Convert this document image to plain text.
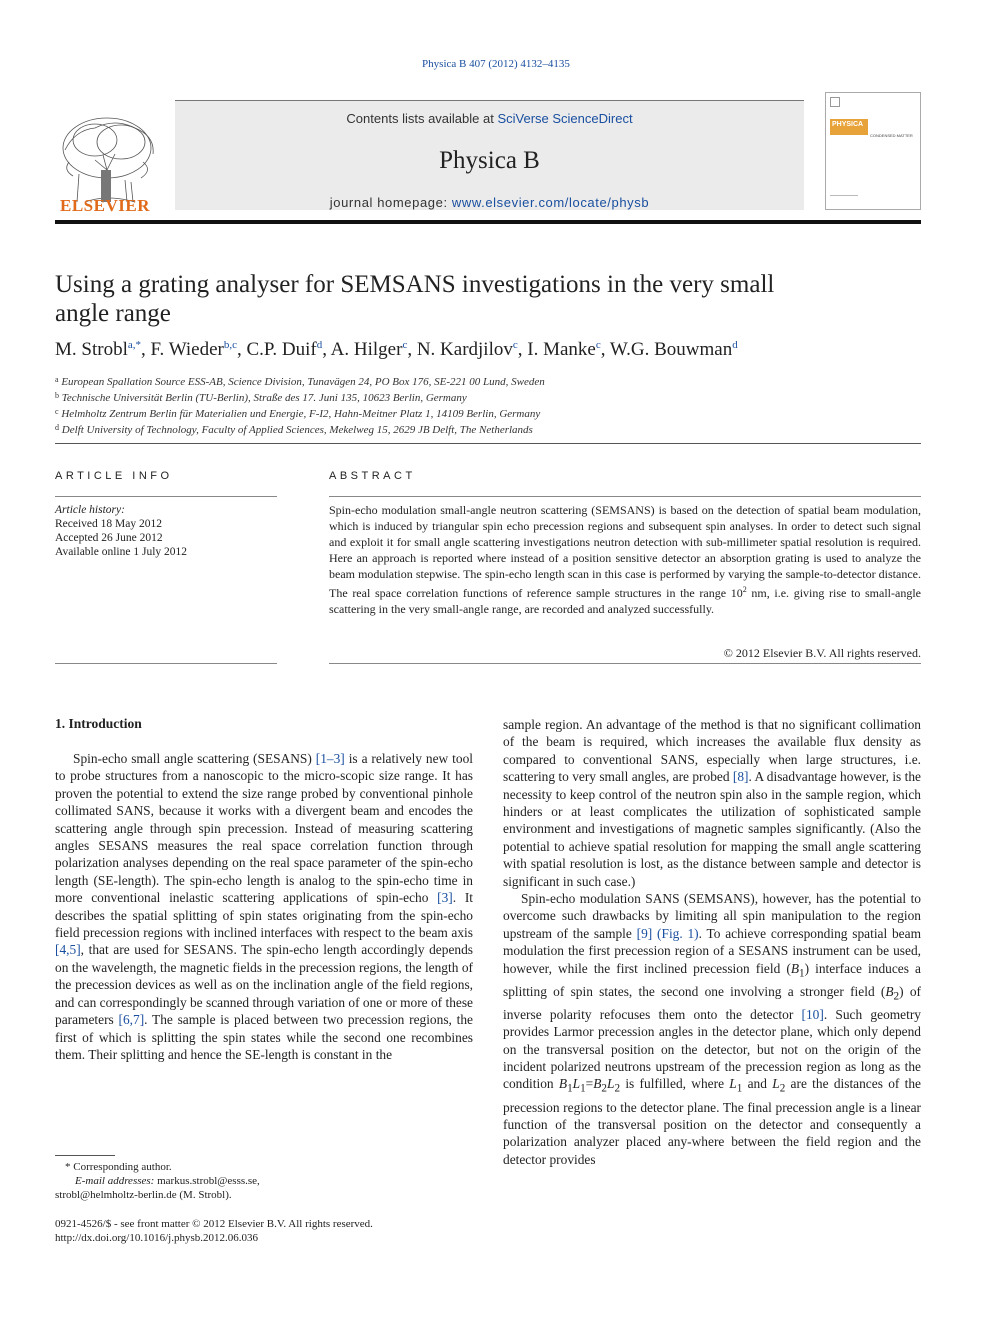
Physica B 407 (2012) 4132–4135
ELSEVIER
Contents lists available at SciVerse ScienceDirect
Physica B
journal homepage: www.elsevier.com/locate/physb
PHYSICA
CONDENSED MATTER
Using a grating analyser for SEMSANS investigations in the very small angle range
M. Strobl$^{a,*}$, F. Wieder$^{b,c}$, C.P. Duif$^d$, A. Hilger$^c$, N. Kardjilov$^c$, I. Manke$^c$, W.G. Bouwman$^d$
$^a$ European Spallation Source ESS-AB, Science Division, Tunavägen 24, PO Box 176, SE-221 00 Lund, Sweden
$^b$ Technische Universität Berlin (TU-Berlin), Straße des 17. Juni 135, 10623 Berlin, Germany
$^c$ Helmholtz Zentrum Berlin für Materialien und Energie, F-I2, Hahn-Meitner Platz 1, 14109 Berlin, Germany
$^d$ Delft University of Technology, Faculty of Applied Sciences, Mekelweg 15, 2629 JB Delft, The Netherlands
ARTICLE INFO
Article history:
Received 18 May 2012
Accepted 26 June 2012
Available online 1 July 2012
ABSTRACT
Spin-echo modulation small-angle neutron scattering (SEMSANS) is based on the detection of spatial beam modulation, which is induced by triangular spin echo precession regions and subsequent spin analyses. In order to detect such signal and exploit it for small angle scattering investigations neutron detection with sub-millimeter spatial resolution is required. Here an approach is reported where instead of a position sensitive detector an absorption grating is used to analyze the beam modulation stepwise. The spin-echo length scan in this case is performed by varying the sample-to-detector distance. The real space correlation functions of reference sample structures in the range $10^2$ nm, i.e. giving rise to small-angle scattering in the very small-angle range, are recorded and analyzed successfully.
© 2012 Elsevier B.V. All rights reserved.
1. Introduction

Spin-echo small angle scattering (SESANS) [1–3] is a relatively new tool to probe structures from a nanoscopic to the micro-scopic size range. It has proven the potential to extend the size range probed by conventional pinhole collimated SANS, because it works with a divergent beam and encodes the scattering angle through spin precession. Instead of measuring scattering angles SESANS measures the real space correlation function through polarization analyses depending on the real space parameter of the spin-echo length (SE-length). The spin-echo length is analog to the spin-echo time in more conventional inelastic scattering applications of spin-echo [3]. It describes the spatial splitting of spin states originating from the spin-echo field precession regions with inclined interfaces with respect to the beam axis [4,5], that are used for SESANS. The spin-echo length accordingly depends on the wavelength, the magnetic fields in the precession regions, the length of the precession devices as well as on the inclination angle of the field regions, and can correspondingly be scanned through variation of one or more of these parameters [6,7]. The sample is placed between two precession regions, the first of which is splitting the spin states while the second one recombines them. Their splitting and hence the SE-length is constant in the

sample region. An advantage of the method is that no significant collimation of the beam is required, which increases the available flux density as compared to conventional SANS, especially when large structures, i.e. scattering to very small angles, are probed [8]. A disadvantage however, is the necessity to keep control of the neutron spin also in the sample region, which hinders or at least complicates the utilization of sophisticated sample environment and investigations of magnetic samples significantly. (Also the potential to achieve spatial resolution for mapping the small angle scattering with spatial resolution is lost, as the distance between sample and detector is significant in such case.)

Spin-echo modulation SANS (SEMSANS), however, has the potential to overcome such drawbacks by limiting all spin manipulation to the region upstream of the sample [9] (Fig. 1). To achieve corresponding spatial beam modulation the first precession region of a SESANS instrument can be used, however, while the first inclined precession field $(B_1)$ interface induces a splitting of spin states, the second one involving a stronger field $(B_2)$ of inverse polarity refocuses them onto the detector [10]. Such geometry provides Larmor precession angles in the detector plane, which only depend on the transversal position on the detector, but not on the origin of the incident polarized neutrons upstream of the precession region as long as the condition $B_1L_1=B_2L_2$ is fulfilled, where $L_1$ and $L_2$ are the distances of the precession regions to the detector plane. The final precession angle is a linear function of the transversal position on the detector and consequently a polarization analyzer placed any-where between the field region and the detector provides

* Corresponding author.
E-mail addresses: markus.strobl@esss.se,
strobl@helmholtz-berlin.de (M. Strobl).
0921-4526/$ - see front matter © 2012 Elsevier B.V. All rights reserved.
http://dx.doi.org/10.1016/j.physb.2012.06.036
